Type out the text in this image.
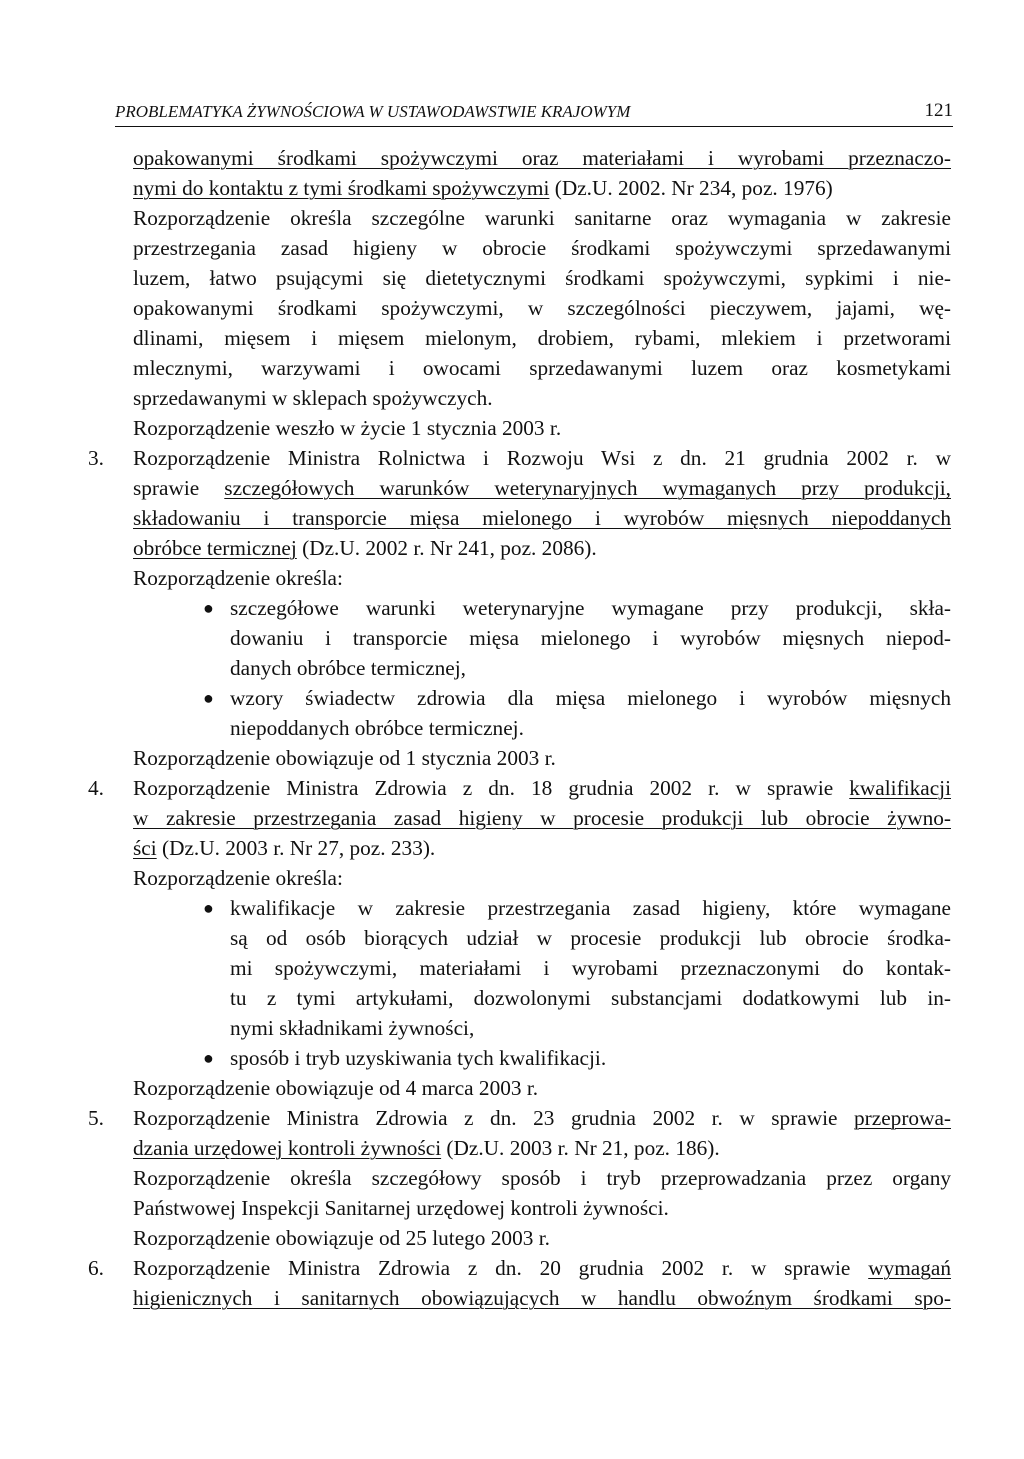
PROBLEMATYKA ŻYWNOŚCIOWA W USTAWODAWSTWIE KRAJOWYM	121
opakowanymi środkami spożywczymi oraz materiałami i wyrobami przeznaczo-
nymi do kontaktu z tymi środkami spożywczymi (Dz.U. 2002. Nr 234, poz. 1976)
Rozporządzenie określa szczególne warunki sanitarne oraz wymagania w zakresie
przestrzegania zasad higieny w obrocie środkami spożywczymi sprzedawanymi
luzem, łatwo psującymi się dietetycznymi środkami spożywczymi, sypkimi i nie-
opakowanymi środkami spożywczymi, w szczególności pieczywem, jajami, wę-
dlinami, mięsem i mięsem mielonym, drobiem, rybami, mlekiem i przetworami
mlecznymi, warzywami i owocami sprzedawanymi luzem oraz kosmetykami
sprzedawanymi w sklepach spożywczych.
Rozporządzenie weszło w życie 1 stycznia 2003 r.
3. Rozporządzenie Ministra Rolnictwa i Rozwoju Wsi z dn. 21 grudnia 2002 r. w
sprawie szczegółowych warunków weterynaryjnych wymaganych przy produkcji,
składowaniu i transporcie mięsa mielonego i wyrobów mięsnych niepoddanych
obróbce termicznej (Dz.U. 2002 r. Nr 241, poz. 2086).
Rozporządzenie określa:
● szczegółowe warunki weterynaryjne wymagane przy produkcji, skła-
dowaniu i transporcie mięsa mielonego i wyrobów mięsnych niepod-
danych obróbce termicznej,
● wzory świadectw zdrowia dla mięsa mielonego i wyrobów mięsnych
niepoddanych obróbce termicznej.
Rozporządzenie obowiązuje od 1 stycznia 2003 r.
4. Rozporządzenie Ministra Zdrowia z dn. 18 grudnia 2002 r. w sprawie kwalifikacji
w zakresie przestrzegania zasad higieny w procesie produkcji lub obrocie żywno-
ści (Dz.U. 2003 r. Nr 27, poz. 233).
Rozporządzenie określa:
● kwalifikacje w zakresie przestrzegania zasad higieny, które wymagane
są od osób biorących udział w procesie produkcji lub obrocie środka-
mi spożywczymi, materiałami i wyrobami przeznaczonymi do kontak-
tu z tymi artykułami, dozwolonymi substancjami dodatkowymi lub in-
nymi składnikami żywności,
● sposób i tryb uzyskiwania tych kwalifikacji.
Rozporządzenie obowiązuje od 4 marca 2003 r.
5. Rozporządzenie Ministra Zdrowia z dn. 23 grudnia 2002 r. w sprawie przeprowa-
dzania urzędowej kontroli żywności (Dz.U. 2003 r. Nr 21, poz. 186).
Rozporządzenie określa szczegółowy sposób i tryb przeprowadzania przez organy
Państwowej Inspekcji Sanitarnej urzędowej kontroli żywności.
Rozporządzenie obowiązuje od 25 lutego 2003 r.
6. Rozporządzenie Ministra Zdrowia z dn. 20 grudnia 2002 r. w sprawie wymagań
higienicznych i sanitarnych obowiązujących w handlu obwoźnym środkami spo-
